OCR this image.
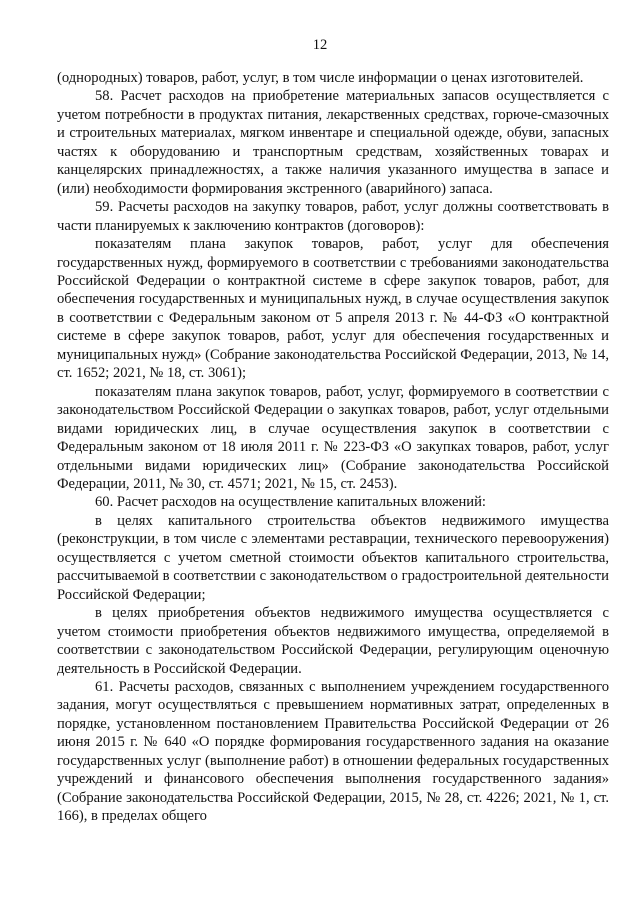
12

(однородных) товаров, работ, услуг, в том числе информации о ценах изготовителей.

58. Расчет расходов на приобретение материальных запасов осуществляется с учетом потребности в продуктах питания, лекарственных средствах, горюче-смазочных и строительных материалах, мягком инвентаре и специальной одежде, обуви, запасных частях к оборудованию и транспортным средствам, хозяйственных товарах и канцелярских принадлежностях, а также наличия указанного имущества в запасе и (или) необходимости формирования экстренного (аварийного) запаса.

59. Расчеты расходов на закупку товаров, работ, услуг должны соответствовать в части планируемых к заключению контрактов (договоров):

показателям плана закупок товаров, работ, услуг для обеспечения государственных нужд, формируемого в соответствии с требованиями законодательства Российской Федерации о контрактной системе в сфере закупок товаров, работ, для обеспечения государственных и муниципальных нужд, в случае осуществления закупок в соответствии с Федеральным законом от 5 апреля 2013 г. № 44-ФЗ «О контрактной системе в сфере закупок товаров, работ, услуг для обеспечения государственных и муниципальных нужд» (Собрание законодательства Российской Федерации, 2013, № 14, ст. 1652; 2021, № 18, ст. 3061);

показателям плана закупок товаров, работ, услуг, формируемого в соответствии с законодательством Российской Федерации о закупках товаров, работ, услуг отдельными видами юридических лиц, в случае осуществления закупок в соответствии с Федеральным законом от 18 июля 2011 г. № 223-ФЗ «О закупках товаров, работ, услуг отдельными видами юридических лиц» (Собрание законодательства Российской Федерации, 2011, № 30, ст. 4571; 2021, № 15, ст. 2453).

60. Расчет расходов на осуществление капитальных вложений:

в целях капитального строительства объектов недвижимого имущества (реконструкции, в том числе с элементами реставрации, технического перевооружения) осуществляется с учетом сметной стоимости объектов капитального строительства, рассчитываемой в соответствии с законодательством о градостроительной деятельности Российской Федерации;

в целях приобретения объектов недвижимого имущества осуществляется с учетом стоимости приобретения объектов недвижимого имущества, определяемой в соответствии с законодательством Российской Федерации, регулирующим оценочную деятельность в Российской Федерации.

61. Расчеты расходов, связанных с выполнением учреждением государственного задания, могут осуществляться с превышением нормативных затрат, определенных в порядке, установленном постановлением Правительства Российской Федерации от 26 июня 2015 г. № 640 «О порядке формирования государственного задания на оказание государственных услуг (выполнение работ) в отношении федеральных государственных учреждений и финансового обеспечения выполнения государственного задания» (Собрание законодательства Российской Федерации, 2015, № 28, ст. 4226; 2021, № 1, ст. 166), в пределах общего
